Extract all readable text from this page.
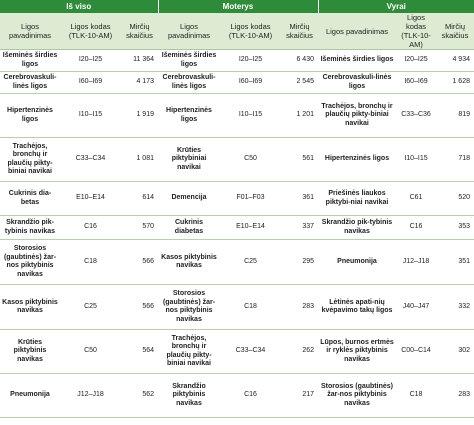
Iš viso			Moterys			Vyrai		
Ligos pavadinimas	Ligos kodas (TLK-10-AM)	Mirčių skaičius	Ligos pavadinimas	Ligos kodas (TLK-10-AM)	Mirčių skaičius	Ligos pavadinimas	Ligos kodas (TLK-10-AM)	Mirčių skaičius
Išeminės širdies ligos	I20–I25	11 364	Išeminės širdies ligos	I20–I25	6 430	Išeminės širdies ligos	I20–I25	4 934
Cerebrovaskuli-linės ligos	I60–I69	4 173	Cerebrovaskuli-linės ligos	I60–I69	2 545	Cerebrovaskuli-linės ligos	I60–I69	1 628
Hipertenzinės ligos	I10–I15	1 919	Hipertenzinės ligos	I10–I15	1 201	Trachėjos, bronchų ir plaučių pikty-biniai navikai	C33–C36	819
Trachėjos, bronchų ir plaučių pikty-biniai navikai	C33–C34	1 081	Krūties piktybiniai navikai	C50	561	Hipertenzinės ligos	I10–I15	718
Cukrinis dia-betas	E10–E14	614	Demencija	F01–F03	361	Priešinės liaukos piktybi-niai navikai	C61	520
Skrandžio pik-tybinis navikas	C16	570	Cukrinis diabetas	E10–E14	337	Skrandžio pik-tybinis navikas	C16	353
Storosios (gaubtinės) žar-nos piktybinis navikas	C18	566	Kasos piktybinis navikas	C25	295	Pneumonija	J12–J18	351
Kasos piktybinis navikas	C25	566	Storosios (gaubtinės) žar-nos piktybinis navikas	C18	283	Lėtinės apati-nių kvėpavimo takų ligos	J40–J47	332
Krūties piktybinis navikas	C50	564	Trachėjos, bronchų ir plaučių pikty-biniai navikai	C33–C34	262	Lūpos, burnos ertmės ir ryklės piktybinis navikas	C00–C14	302
Pneumonija	J12–J18	562	Skrandžio piktybinis navikas	C16	217	Storosios (gaubtinės) žar-nos piktybinis navikas	C18	283
